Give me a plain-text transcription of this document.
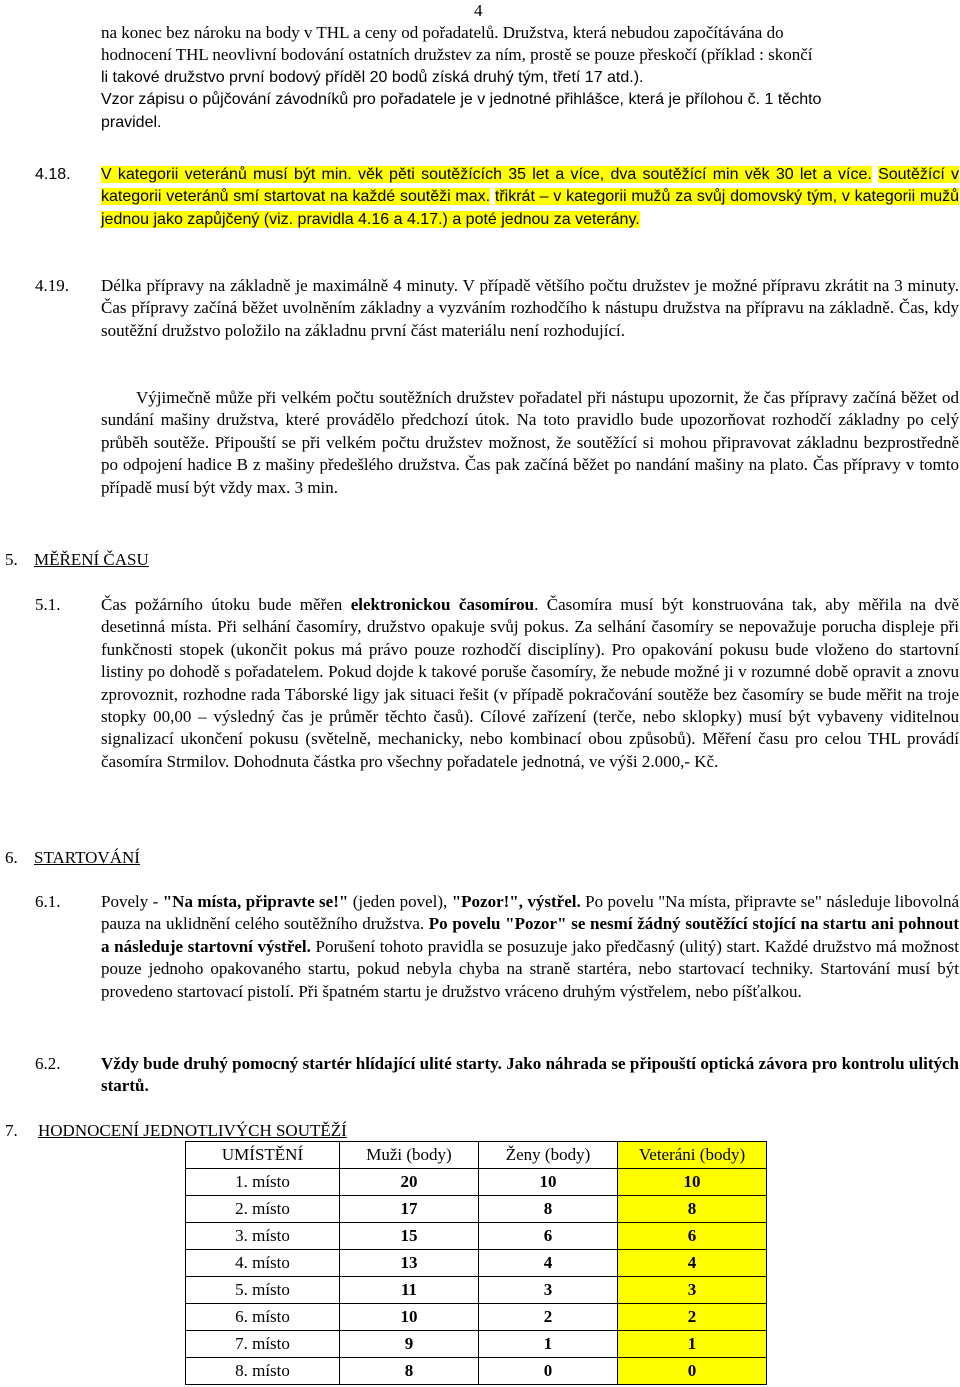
4
na konec bez nároku na body v THL a ceny od pořadatelů. Družstva, která nebudou započítávána do
hodnocení THL neovlivní bodování ostatních družstev za ním, prostě se pouze přeskočí (příklad : skončí
li takové družstvo první bodový příděl 20 bodů získá druhý tým, třetí 17 atd.).
Vzor zápisu o půjčování závodníků pro pořadatele je v jednotné přihlášce, která je přílohou č. 1 těchto
pravidel.
4.18. V kategorii veteránů musí být min. věk pěti soutěžících 35 let a více, dva soutěžící min věk 30 let a více. Soutěžící v kategorii veteránů smí startovat na každé soutěži max. třikrát – v kategorii mužů za svůj domovský tým, v kategorii mužů jednou jako zapůjčený (viz. pravidla 4.16 a 4.17.) a poté jednou za veterány.
4.19. Délka přípravy na základně je maximálně 4 minuty. V případě většího počtu družstev je možné přípravu zkrátit na 3 minuty. Čas přípravy začíná běžet uvolněním základny a vyzváním rozhodčího k nástupu družstva na přípravu na základně. Čas, kdy soutěžní družstvo položilo na základnu první část materiálu není rozhodující.
Výjimečně může při velkém počtu soutěžních družstev pořadatel při nástupu upozornit, že čas přípravy začíná běžet od sundání mašiny družstva, které provádělo předchozí útok. Na toto pravidlo bude upozorňovat rozhodčí základny po celý průběh soutěže. Připouští se při velkém počtu družstev možnost, že soutěžící si mohou připravovat základnu bezprostředně po odpojení hadice B z mašiny předešlého družstva. Čas pak začíná běžet po nandání mašiny na plato. Čas přípravy v tomto případě musí být vždy max. 3 min.
5. MĚŘENÍ ČASU
5.1. Čas požárního útoku bude měřen elektronickou časomírou. Časomíra musí být konstruována tak, aby měřila na dvě desetinná místa. Při selhání časomíry, družstvo opakuje svůj pokus. Za selhání časomíry se nepovažuje porucha displeje při funkčnosti stopek (ukončit pokus má právo pouze rozhodčí disciplíny). Pro opakování pokusu bude vloženo do startovní listiny po dohodě s pořadatelem. Pokud dojde k takové poruše časomíry, že nebude možné ji v rozumné době opravit a znovu zprovoznit, rozhodne rada Táborské ligy jak situaci řešit (v případě pokračování soutěže bez časomíry se bude měřit na troje stopky 00,00 – výsledný čas je průměr těchto časů). Cílové zařízení (terče, nebo sklopky) musí být vybaveny viditelnou signalizací ukončení pokusu (světelně, mechanicky, nebo kombinací obou způsobů). Měření času pro celou THL provádí časomíra Strmilov. Dohodnuta částka pro všechny pořadatele jednotná, ve výši 2.000,- Kč.
6. STARTOVÁNÍ
6.1. Povely - "Na místa, připravte se!" (jeden povel), "Pozor!", výstřel. Po povelu "Na místa, připravte se" následuje libovolná pauza na uklidnění celého soutěžního družstva. Po povelu "Pozor" se nesmí žádný soutěžící stojící na startu ani pohnout a následuje startovní výstřel. Porušení tohoto pravidla se posuzuje jako předčasný (ulitý) start. Každé družstvo má možnost pouze jednoho opakovaného startu, pokud nebyla chyba na straně startéra, nebo startovací techniky. Startování musí být provedeno startovací pistolí. Při špatném startu je družstvo vráceno druhým výstřelem, nebo píšťalkou.
6.2. Vždy bude druhý pomocný startér hlídající ulité starty. Jako náhrada se připouští optická závora pro kontrolu ulitých startů.
7. HODNOCENÍ JEDNOTLIVÝCH SOUTĚŽÍ
UMÍSTĚNÍ	Muži (body)	Ženy (body)	Veteráni (body)
1. místo	20	10	10
2. místo	17	8	8
3. místo	15	6	6
4. místo	13	4	4
5. místo	11	3	3
6. místo	10	2	2
7. místo	9	1	1
8. místo	8	0	0
